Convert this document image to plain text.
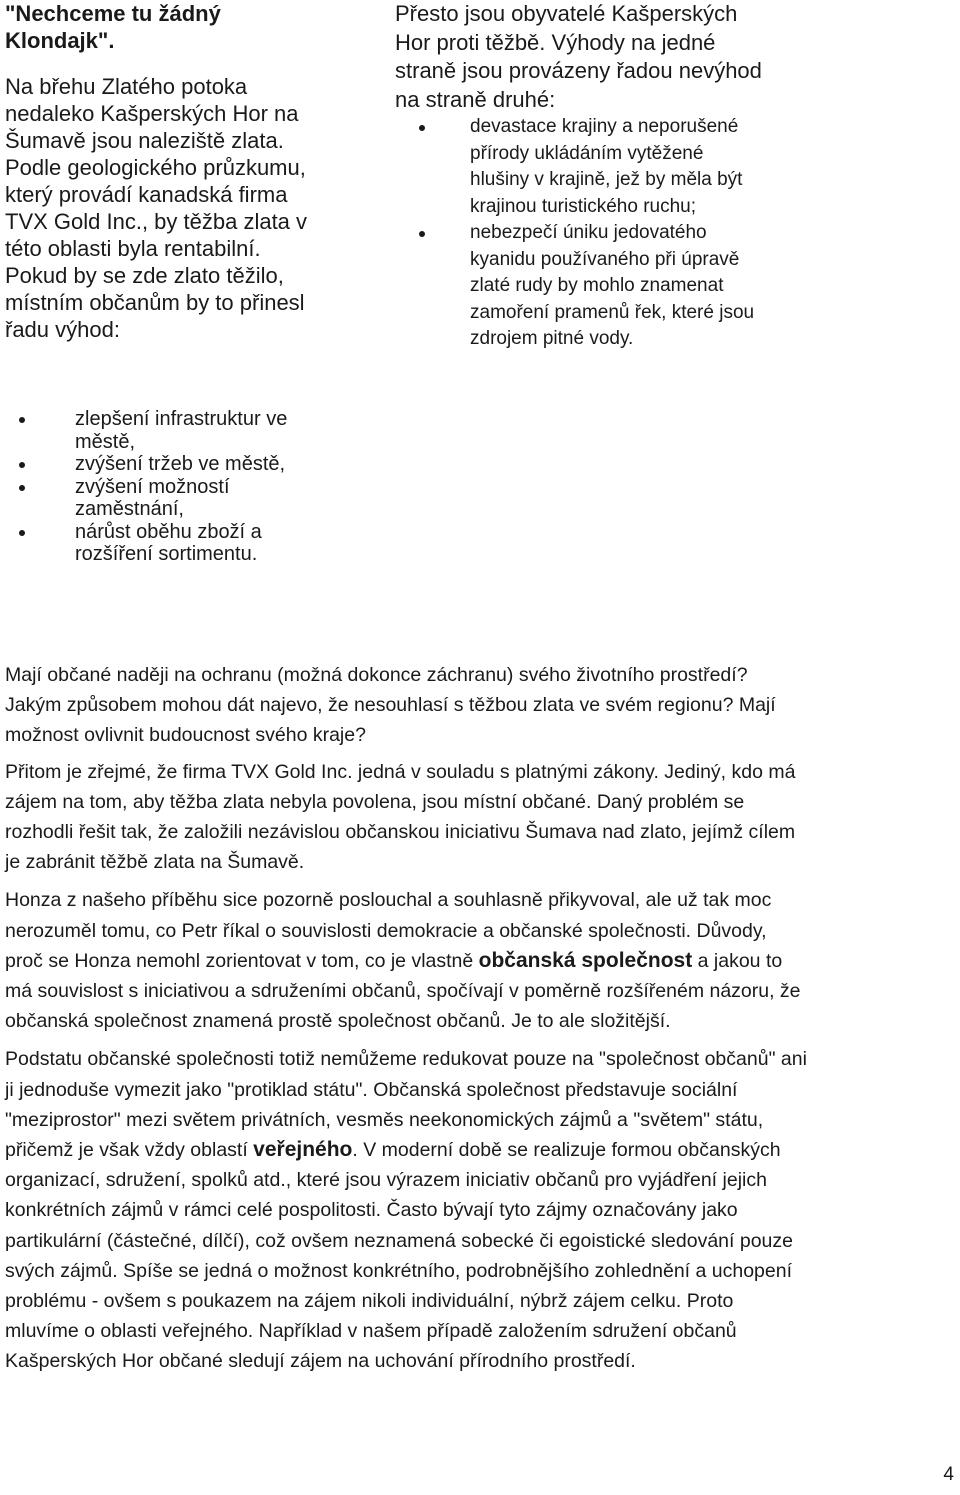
"Nechceme tu žádný
Klondajk".

Na břehu Zlatého potoka
nedaleko Kašperských Hor na
Šumavě jsou naleziště zlata.
Podle geologického průzkumu,
který provádí kanadská firma
TVX Gold Inc., by těžba zlata v
této oblasti byla rentabilní.
Pokud by se zde zlato těžilo,
místním občanům by to přinesl
řadu výhod:

zlepšení infrastruktur ve
městě,
zvýšení tržeb ve městě,
zvýšení možností
zaměstnání,
nárůst oběhu zboží a
rozšíření sortimentu.

Přesto jsou obyvatelé Kašperských
Hor proti těžbě. Výhody na jedné
straně jsou provázeny řadou nevýhod
na straně druhé:

devastace krajiny a neporušené
přírody ukládáním vytěžené
hlušiny v krajině, jež by měla být
krajinou turistického ruchu;
nebezpečí úniku jedovatého
kyanidu používaného při úpravě
zlaté rudy by mohlo znamenat
zamoření pramenů řek, které jsou
zdrojem pitné vody.

Mají občané naději na ochranu (možná dokonce záchranu) svého životního prostředí?
Jakým způsobem mohou dát najevo, že nesouhlasí s těžbou zlata ve svém regionu? Mají
možnost ovlivnit budoucnost svého kraje?

Přitom je zřejmé, že firma TVX Gold Inc. jedná v souladu s platnými zákony. Jediný, kdo má
zájem na tom, aby těžba zlata nebyla povolena, jsou místní občané. Daný problém se
rozhodli řešit tak, že založili nezávislou občanskou iniciativu Šumava nad zlato, jejímž cílem
je zabránit těžbě zlata na Šumavě.

Honza z našeho příběhu sice pozorně poslouchal a souhlasně přikyvoval, ale už tak moc
nerozuměl tomu, co Petr říkal o souvislosti demokracie a občanské společnosti. Důvody,
proč se Honza nemohl zorientovat v tom, co je vlastně občanská společnost a jakou to
má souvislost s iniciativou a sdruženími občanů, spočívají v poměrně rozšířeném názoru, že
občanská společnost znamená prostě společnost občanů. Je to ale složitější.

Podstatu občanské společnosti totiž nemůžeme redukovat pouze na "společnost občanů" ani
ji jednoduše vymezit jako "protiklad státu". Občanská společnost představuje sociální
"meziprostor" mezi světem privátních, vesměs neekonomických zájmů a "světem" státu,
přičemž je však vždy oblastí veřejného. V moderní době se realizuje formou občanských
organizací, sdružení, spolků atd., které jsou výrazem iniciativ občanů pro vyjádření jejich
konkrétních zájmů v rámci celé pospolitosti. Často bývají tyto zájmy označovány jako
partikulární (částečné, dílčí), což ovšem neznamená sobecké či egoistické sledování pouze
svých zájmů. Spíše se jedná o možnost konkrétního, podrobnějšího zohlednění a uchopení
problému - ovšem s poukazem na zájem nikoli individuální, nýbrž zájem celku. Proto
mluvíme o oblasti veřejného. Například v našem případě založením sdružení občanů
Kašperských Hor občané sledují zájem na uchování přírodního prostředí.

4
